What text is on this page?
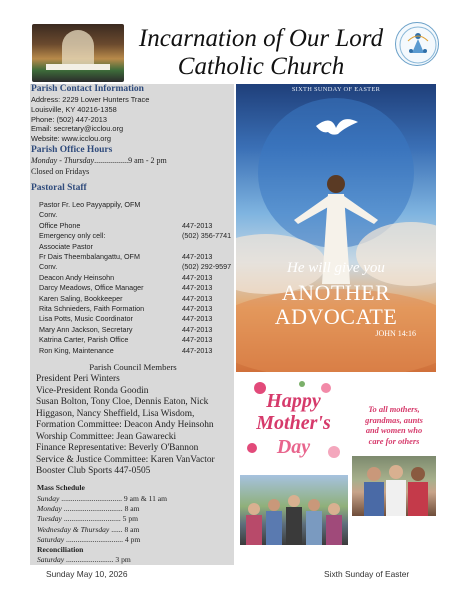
Incarnation of Our Lord
Catholic Church
Parish Contact Information
Address: 2229 Lower Hunters Trace
Louisville, KY 40216-1358
Phone: (502) 447-2013
Email: secretary@icclou.org
Website: www.icclou.org
Parish Office Hours
Monday - Thursday.................9 am - 2 pm
Closed on Fridays
Pastoral Staff
Pastor Fr. Leo Payyappily, OFM
Conv.
Office Phone	447-2013
Emergency only cell:	(502) 356-7741
Associate Pastor
Fr Dais Theembalangattu, OFM	447-2013
Conv.	(502) 292-9597
Deacon Andy Heinsohn	447-2013
Darcy Meadows, Office Manager	447-2013
Karen Saling, Bookkeeper	447-2013
Rita Schnieders, Faith Formation	447-2013
Lisa Potts, Music Coordinator	447-2013
Mary Ann Jackson, Secretary	447-2013
Katrina Carter, Parish Office	447-2013
Ron King, Maintenance	447-2013
Parish Council Members
President Peri Winters
Vice-President Ronda Goodin
Susan Bolton, Tony Cloe, Dennis Eaton, Nick
Higgason, Nancy Sheffield, Lisa Wisdom,
Formation Committee: Deacon Andy Heinsohn
Worship Committee: Jean Gawarecki
Finance Representative: Beverly O'Bannon
Service & Justice Committee: Karen VanVactor
Booster Club Sports 447-0505
Mass Schedule
Sunday ................................ 9 am & 11 am
Monday ............................... 8 am
Tuesday .............................. 5 pm
Wednesday & Thursday ...... 8 am
Saturday .............................. 4 pm
Reconciliation
Saturday ......................... 3 pm
SIXTH SUNDAY OF EASTER
He will give you
ANOTHER
ADVOCATE
JOHN 14:16
Happy
Mother's
Day
To all mothers,
grandmas, aunts
and women who
care for others
Sunday May 10, 2026	Sixth Sunday of Easter
